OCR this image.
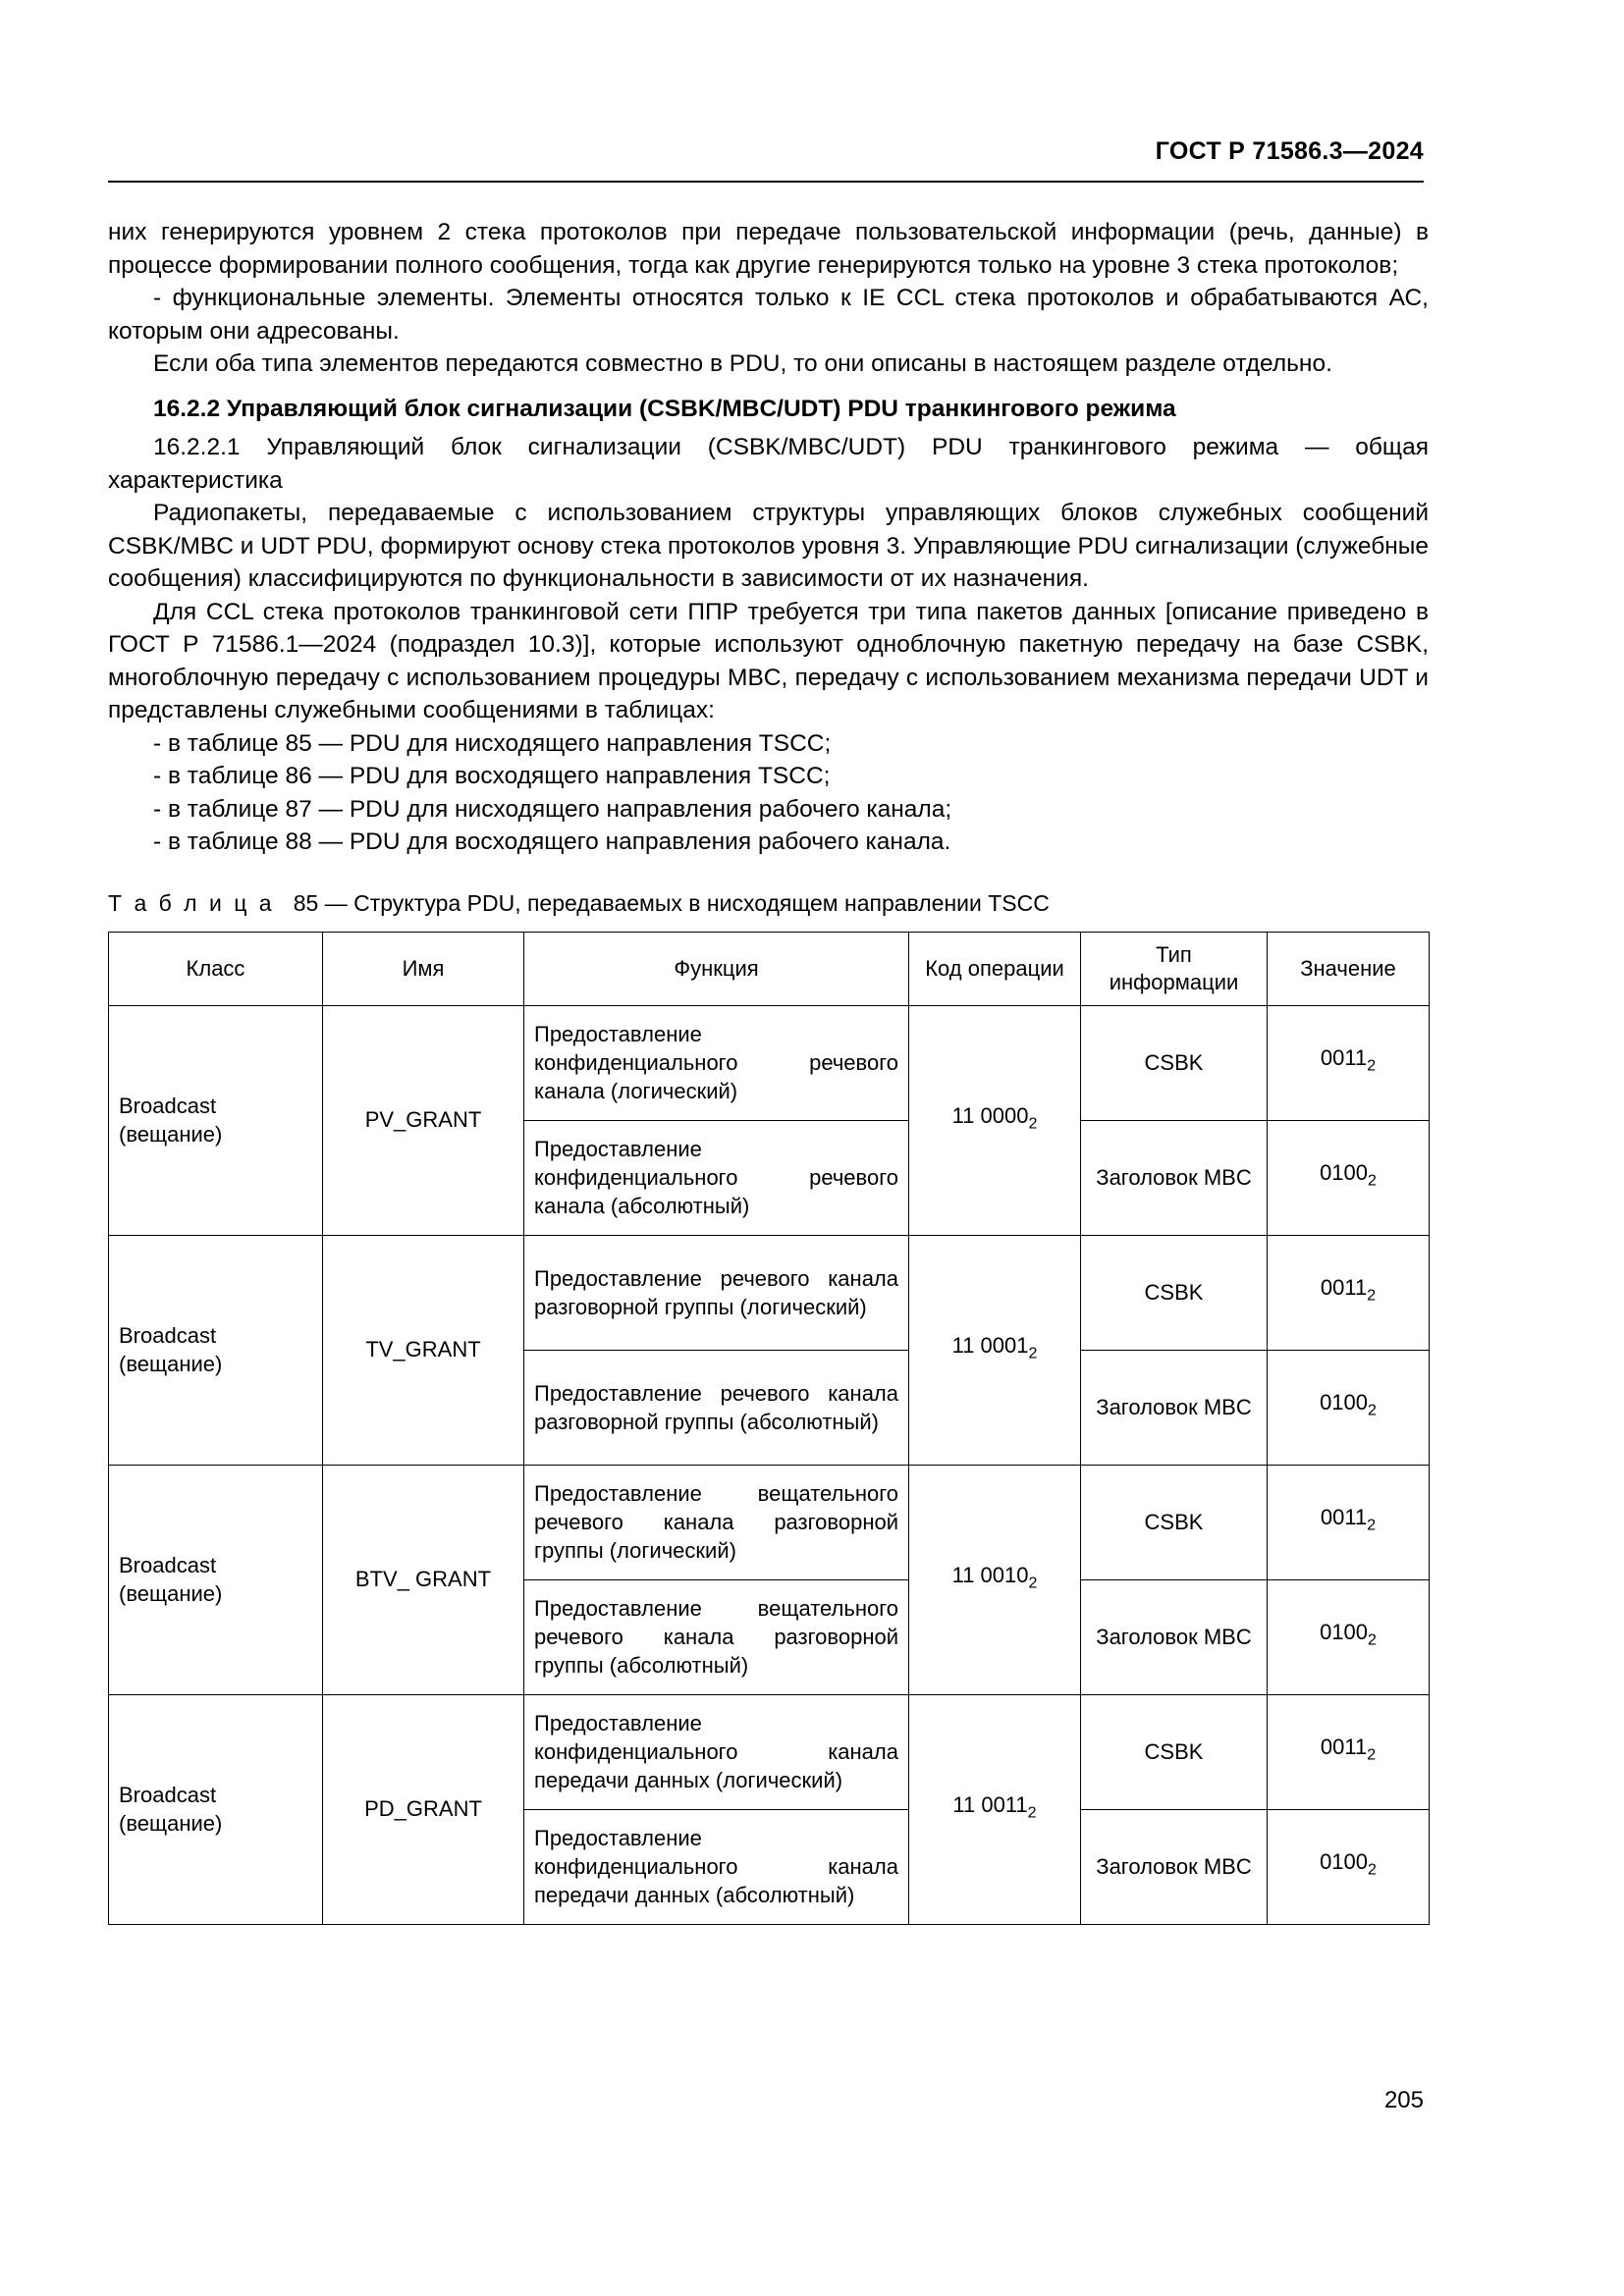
ГОСТ Р 71586.3—2024

них генерируются уровнем 2 стека протоколов при передаче пользовательской информации (речь, данные) в процессе формировании полного сообщения, тогда как другие генерируются только на уровне 3 стека протоколов;

- функциональные элементы. Элементы относятся только к IE CCL стека протоколов и обрабатываются АС, которым они адресованы.

Если оба типа элементов передаются совместно в PDU, то они описаны в настоящем разделе отдельно.

16.2.2 Управляющий блок сигнализации (CSBK/MBC/UDT) PDU транкингового режима

16.2.2.1 Управляющий блок сигнализации (CSBK/MBC/UDT) PDU транкингового режима — общая характеристика

Радиопакеты, передаваемые с использованием структуры управляющих блоков служебных сообщений CSBK/MBC и UDT PDU, формируют основу стека протоколов уровня 3. Управляющие PDU сигнализации (служебные сообщения) классифицируются по функциональности в зависимости от их назначения.

Для CCL стека протоколов транкинговой сети ППР требуется три типа пакетов данных [описание приведено в ГОСТ Р 71586.1—2024 (подраздел 10.3)], которые используют одноблочную пакетную передачу на базе CSBK, многоблочную передачу с использованием процедуры MBC, передачу с использованием механизма передачи UDT и представлены служебными сообщениями в таблицах:

- в таблице 85 — PDU для нисходящего направления TSCC;

- в таблице 86 — PDU для восходящего направления TSCC;

- в таблице 87 — PDU для нисходящего направления рабочего канала;

- в таблице 88 — PDU для восходящего направления рабочего канала.

Т а б л и ц а 85 — Структура PDU, передаваемых в нисходящем направлении TSCC
Класс	Имя	Функция	Код операции	Тип информации	Значение
Broadcast (вещание)	PV_GRANT	Предоставление конфиденциального речевого канала (логический)	11 $0000_2$	CSBK	$0011_2$
		Предоставление конфиденциального речевого канала (абсолютный)		Заголовок MBC	$0100_2$
Broadcast (вещание)	TV_GRANT	Предоставление речевого канала разговорной группы (логический)	11 $0001_2$	CSBK	$0011_2$
		Предоставление речевого канала разговорной группы (абсолютный)		Заголовок MBC	$0100_2$
Broadcast (вещание)	BTV_ GRANT	Предоставление вещательного речевого канала разговорной группы (логический)	11 $0010_2$	CSBK	$0011_2$
		Предоставление вещательного речевого канала разговорной группы (абсолютный)		Заголовок MBC	$0100_2$
Broadcast (вещание)	PD_GRANT	Предоставление конфиденциального канала передачи данных (логический)	11 $0011_2$	CSBK	$0011_2$
		Предоставление конфиденциального канала передачи данных (абсолютный)		Заголовок MBC	$0100_2$
205
